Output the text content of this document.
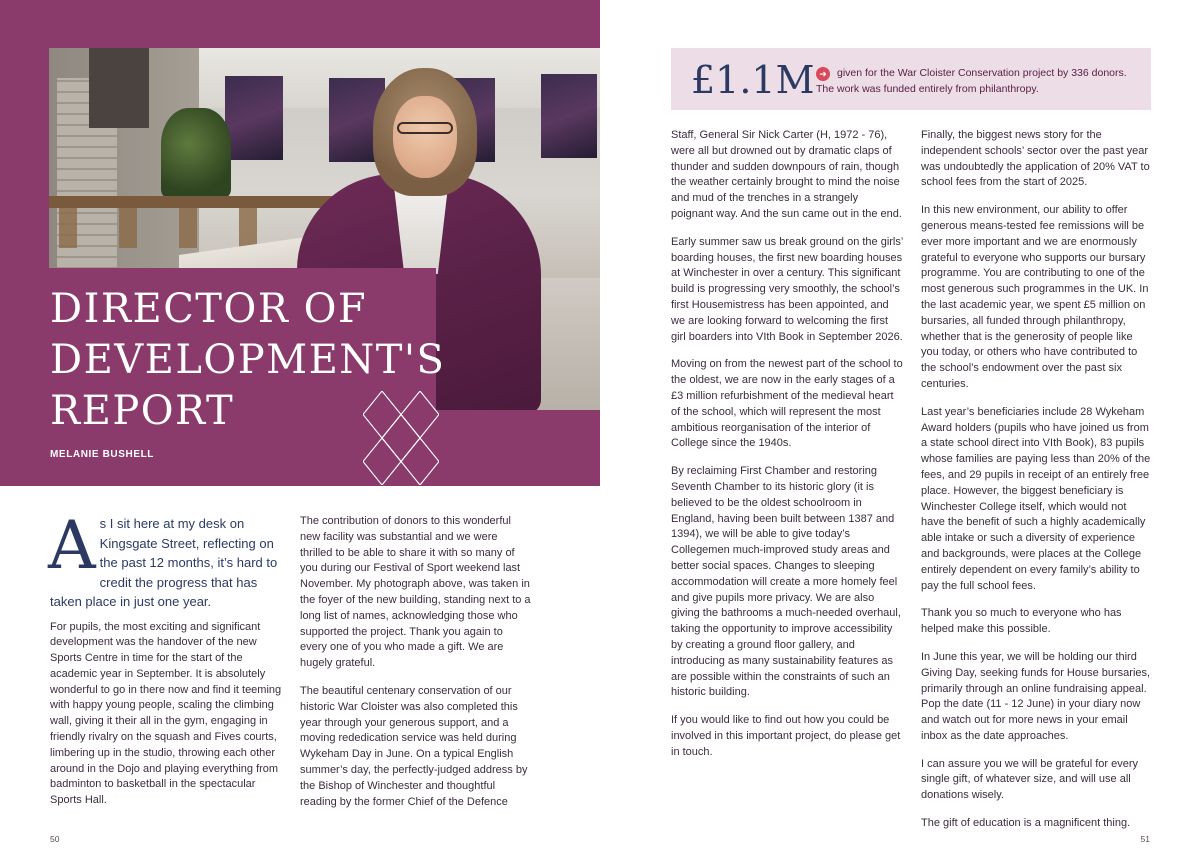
DIRECTOR OF
DEVELOPMENT'S
REPORT
MELANIE BUSHELL
A s I sit here at my desk on Kingsgate Street, reflecting on the past 12 months, it’s hard to credit the progress that has taken place in just one year.

For pupils, the most exciting and significant development was the handover of the new Sports Centre in time for the start of the academic year in September. It is absolutely wonderful to go in there now and find it teeming with happy young people, scaling the climbing wall, giving it their all in the gym, engaging in friendly rivalry on the squash and Fives courts, limbering up in the studio, throwing each other around in the Dojo and playing everything from badminton to basketball in the spectacular Sports Hall.

The contribution of donors to this wonderful new facility was substantial and we were thrilled to be able to share it with so many of you during our Festival of Sport weekend last November. My photograph above, was taken in the foyer of the new building, standing next to a long list of names, acknowledging those who supported the project. Thank you again to every one of you who made a gift. We are hugely grateful.

The beautiful centenary conservation of our historic War Cloister was also completed this year through your generous support, and a moving rededication service was held during Wykeham Day in June. On a typical English summer’s day, the perfectly-judged address by the Bishop of Winchester and thoughtful reading by the former Chief of the Defence

50
£1.1M ➜ given for the War Cloister Conservation project by 336 donors. The work was funded entirely from philanthropy.

Staff, General Sir Nick Carter (H, 1972 - 76), were all but drowned out by dramatic claps of thunder and sudden downpours of rain, though the weather certainly brought to mind the noise and mud of the trenches in a strangely poignant way. And the sun came out in the end.

Early summer saw us break ground on the girls’ boarding houses, the first new boarding houses at Winchester in over a century. This significant build is progressing very smoothly, the school’s first Housemistress has been appointed, and we are looking forward to welcoming the first girl boarders into VIth Book in September 2026.

Moving on from the newest part of the school to the oldest, we are now in the early stages of a £3 million refurbishment of the medieval heart of the school, which will represent the most ambitious reorganisation of the interior of College since the 1940s.

By reclaiming First Chamber and restoring Seventh Chamber to its historic glory (it is believed to be the oldest schoolroom in England, having been built between 1387 and 1394), we will be able to give today’s Collegemen much-improved study areas and better social spaces. Changes to sleeping accommodation will create a more homely feel and give pupils more privacy. We are also giving the bathrooms a much-needed overhaul, taking the opportunity to improve accessibility by creating a ground floor gallery, and introducing as many sustainability features as are possible within the constraints of such an historic building.

If you would like to find out how you could be involved in this important project, do please get in touch.

Finally, the biggest news story for the independent schools’ sector over the past year was undoubtedly the application of 20% VAT to school fees from the start of 2025.

In this new environment, our ability to offer generous means-tested fee remissions will be ever more important and we are enormously grateful to everyone who supports our bursary programme. You are contributing to one of the most generous such programmes in the UK. In the last academic year, we spent £5 million on bursaries, all funded through philanthropy, whether that is the generosity of people like you today, or others who have contributed to the school’s endowment over the past six centuries.

Last year’s beneficiaries include 28 Wykeham Award holders (pupils who have joined us from a state school direct into VIth Book), 83 pupils whose families are paying less than 20% of the fees, and 29 pupils in receipt of an entirely free place. However, the biggest beneficiary is Winchester College itself, which would not have the benefit of such a highly academically able intake or such a diversity of experience and backgrounds, were places at the College entirely dependent on every family’s ability to pay the full school fees.

Thank you so much to everyone who has helped make this possible.

In June this year, we will be holding our third Giving Day, seeking funds for House bursaries, primarily through an online fundraising appeal. Pop the date (11 - 12 June) in your diary now and watch out for more news in your email inbox as the date approaches.

I can assure you we will be grateful for every single gift, of whatever size, and will use all donations wisely.

The gift of education is a magnificent thing.

51
